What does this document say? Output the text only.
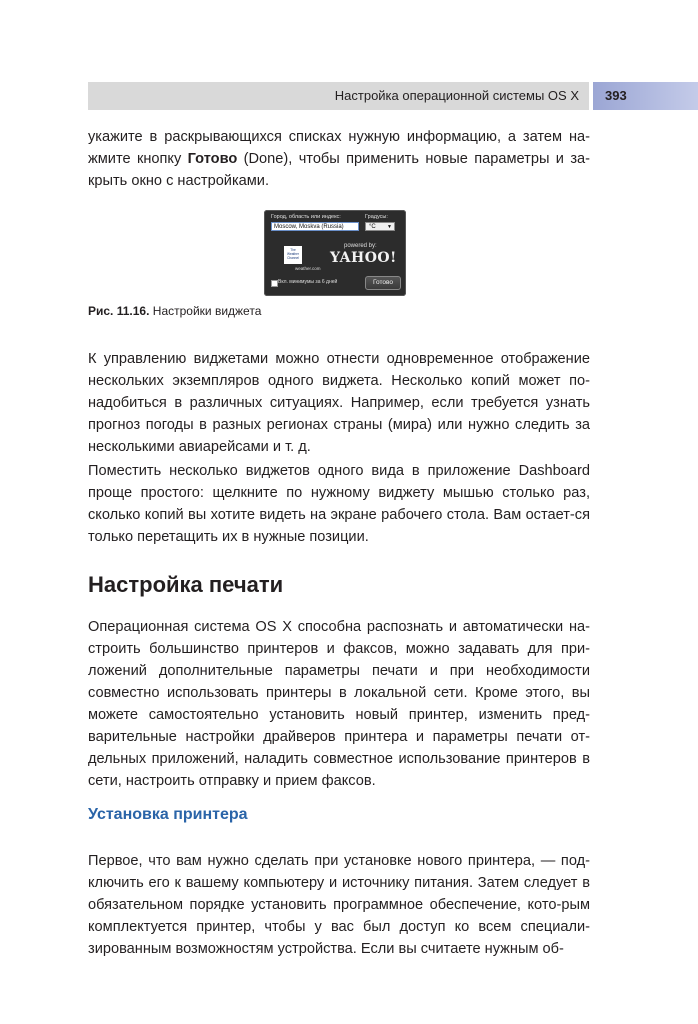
Настройка операционной системы OS X	393

укажите в раскрывающихся списках нужную информацию, а затем на-жмите кнопку Готово (Done), чтобы применить новые параметры и за-крыть окно с настройками.

Город, область или индекс:
Moscow, Moskva (Russia)
Градусы:
°C ▼
The Weather Channel
weather.com
powered by:
YAHOO!
Вкл. минимумы за 6 дней	Готово
Рис. 11.16. Настройки виджета

К управлению виджетами можно отнести одновременное отображение нескольких экземпляров одного виджета. Несколько копий может по-надобиться в различных ситуациях. Например, если требуется узнать прогноз погоды в разных регионах страны (мира) или нужно следить за несколькими авиарейсами и т. д.

Поместить несколько виджетов одного вида в приложение Dashboard проще простого: щелкните по нужному виджету мышью столько раз, сколько копий вы хотите видеть на экране рабочего стола. Вам остает-ся только перетащить их в нужные позиции.

Настройка печати

Операционная система OS X способна распознать и автоматически на-строить большинство принтеров и факсов, можно задавать для при-ложений дополнительные параметры печати и при необходимости совместно использовать принтеры в локальной сети. Кроме этого, вы можете самостоятельно установить новый принтер, изменить пред-варительные настройки драйверов принтера и параметры печати от-дельных приложений, наладить совместное использование принтеров в сети, настроить отправку и прием факсов.

Установка принтера

Первое, что вам нужно сделать при установке нового принтера, — под-ключить его к вашему компьютеру и источнику питания. Затем следует в обязательном порядке установить программное обеспечение, кото-рым комплектуется принтер, чтобы у вас был доступ ко всем специали-зированным возможностям устройства. Если вы считаете нужным об-
